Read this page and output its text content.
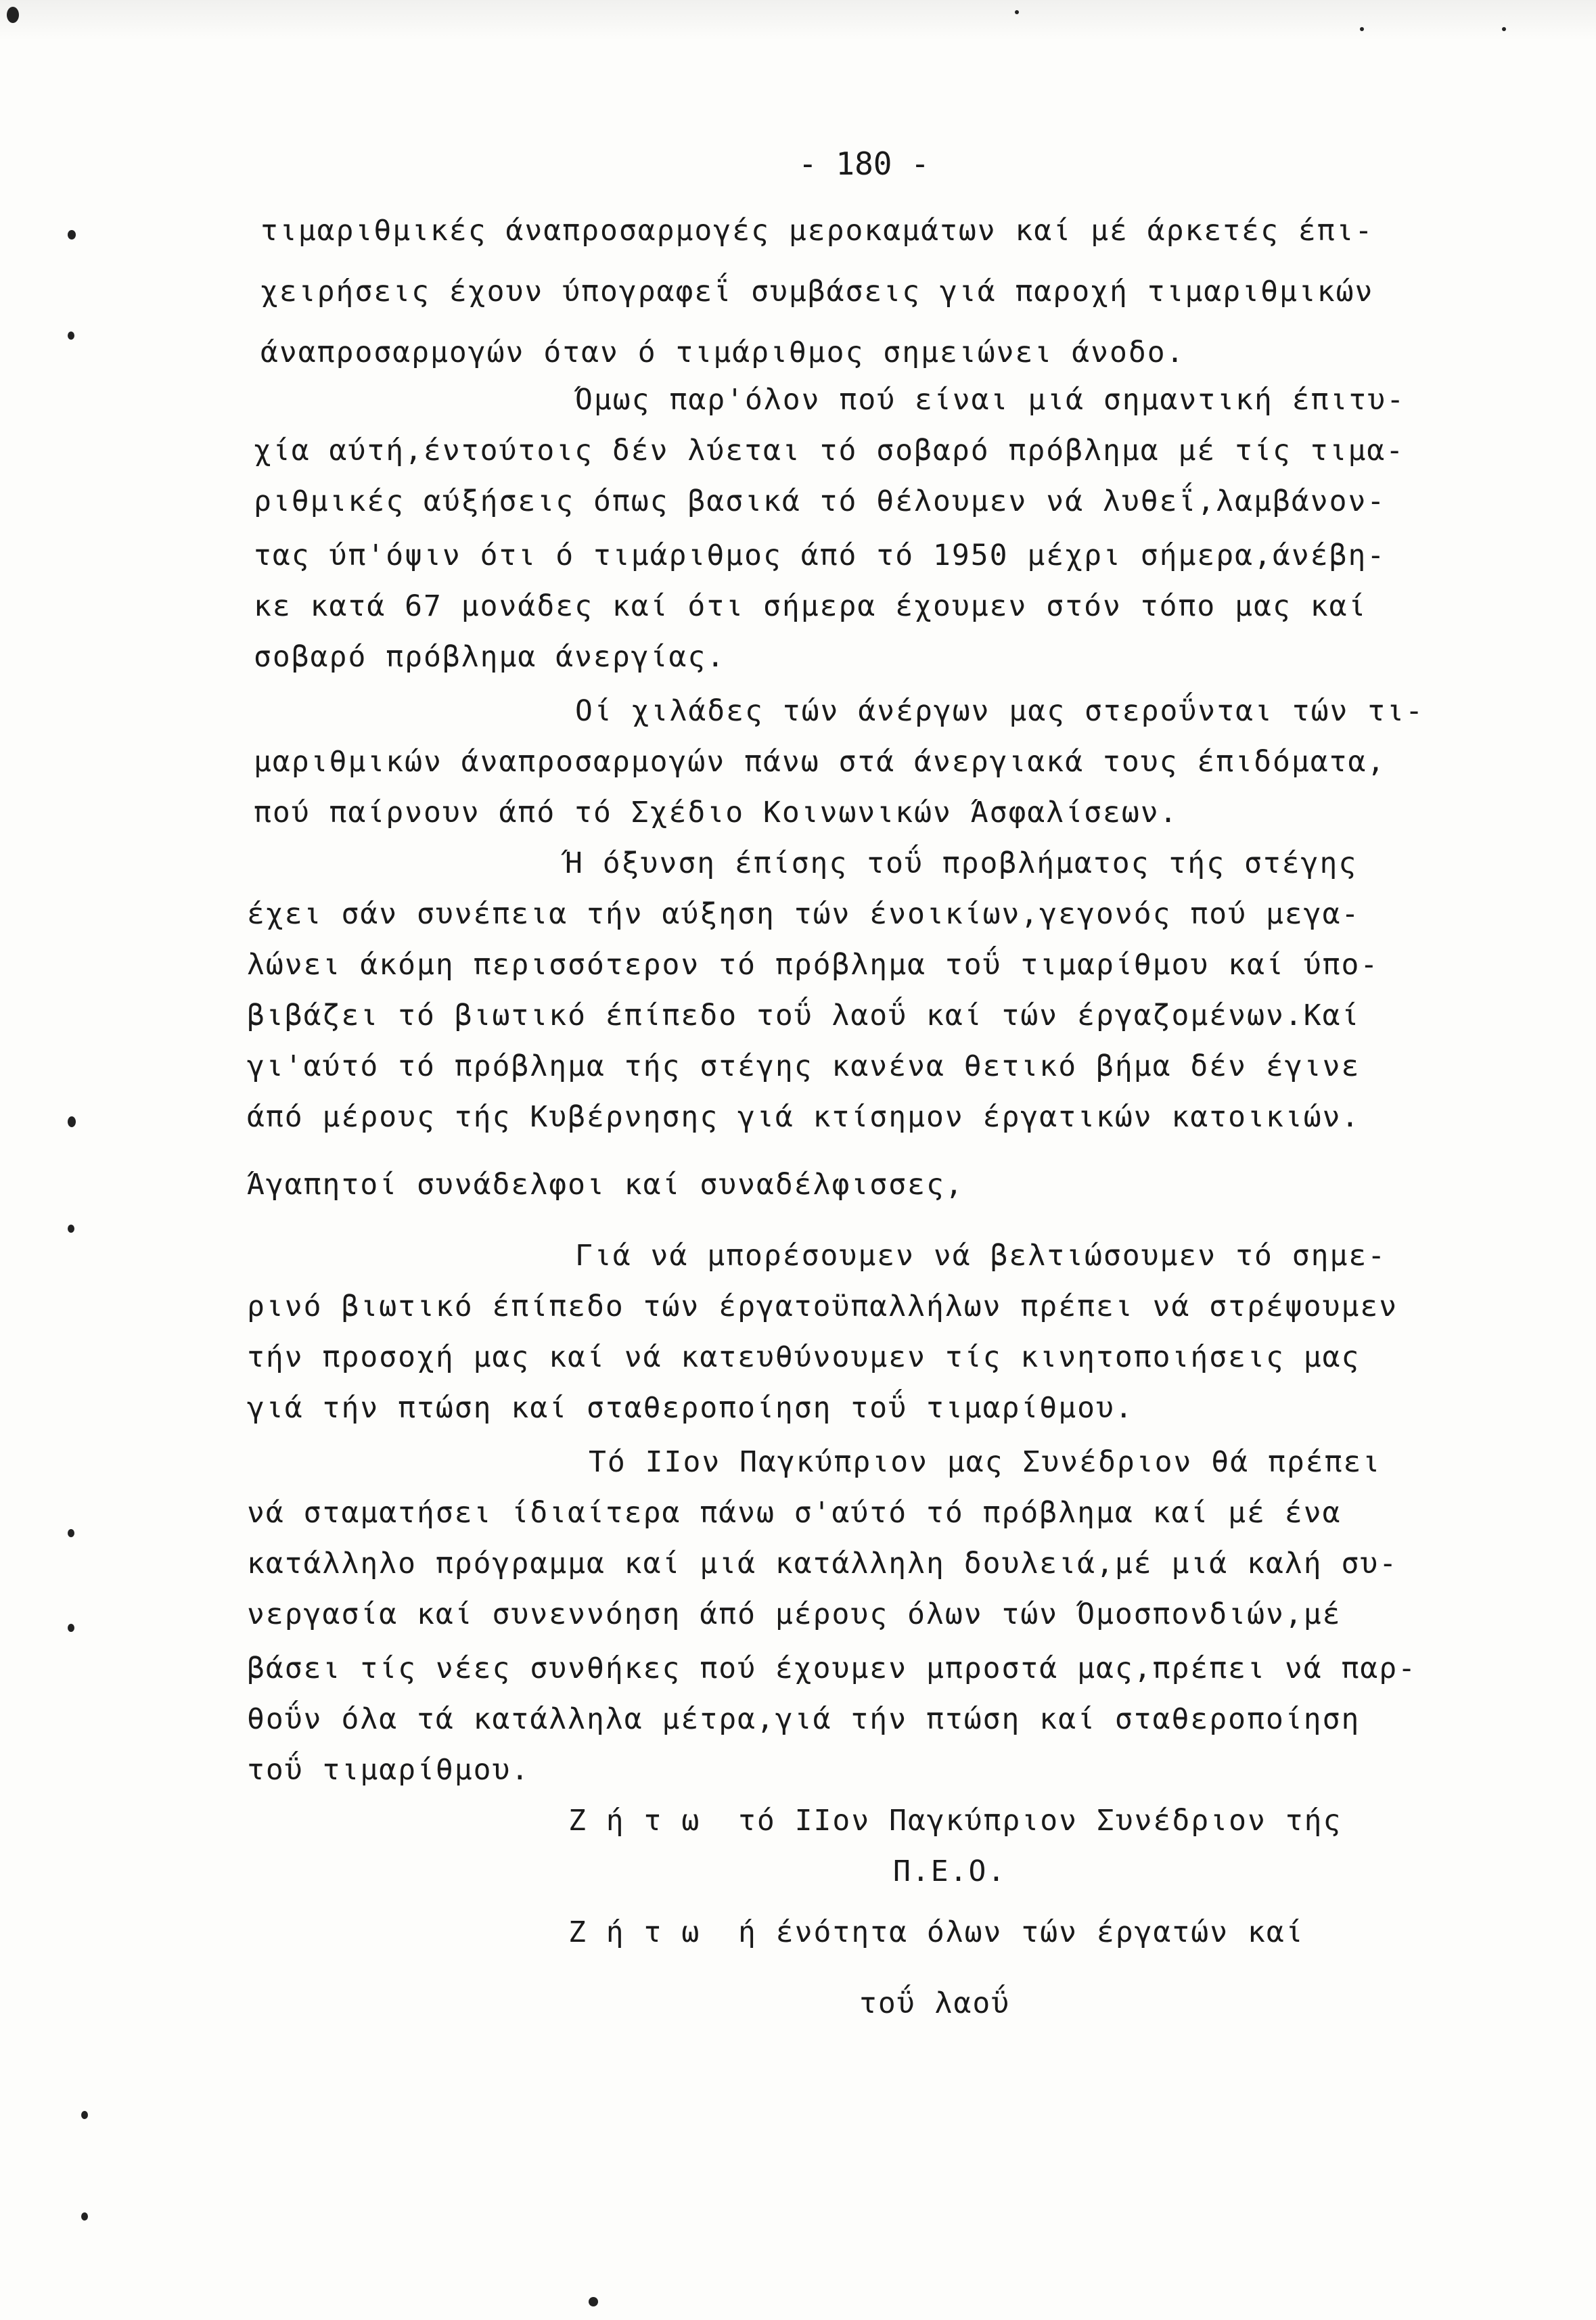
- 180 -
τιμαριθμικές άναπροσαρμογές μεροκαμάτων καί μέ άρκετές έπι-
χειρήσεις έχουν ύπογραφεΐ συμβάσεις γιά παροχή τιμαριθμικών
άναπροσαρμογών όταν ό τιμάριθμος σημειώνει άνοδο.
Όμως παρ'όλον πού είναι μιά σημαντική έπιτυ-
χία αύτή,έντούτοις δέν λύεται τό σοβαρό πρόβλημα μέ τίς τιμα-
ριθμικές αύξήσεις όπως βασικά τό θέλουμεν νά λυθεΐ,λαμβάνον-
τας ύπ'όψιν ότι ό τιμάριθμος άπό τό 1950 μέχρι σήμερα,άνέβη-
κε κατά 67 μονάδες καί ότι σήμερα έχουμεν στόν τόπο μας καί
σοβαρό πρόβλημα άνεργίας.
Οί χιλάδες τών άνέργων μας στεροΰνται τών τι-
μαριθμικών άναπροσαρμογών πάνω στά άνεργιακά τους έπιδόματα,
πού παίρνουν άπό τό Σχέδιο Κοινωνικών Άσφαλίσεων.
Ή όξυνση έπίσης τοΰ προβλήματος τής στέγης
έχει σάν συνέπεια τήν αύξηση τών ένοικίων,γεγονός πού μεγα-
λώνει άκόμη περισσότερον τό πρόβλημα τοΰ τιμαρίθμου καί ύπο-
βιβάζει τό βιωτικό έπίπεδο τοΰ λαοΰ καί τών έργαζομένων.Καί
γι'αύτό τό πρόβλημα τής στέγης κανένα θετικό βήμα δέν έγινε
άπό μέρους τής Κυβέρνησης γιά κτίσημον έργατικών κατοικιών.
Άγαπητοί συνάδελφοι καί συναδέλφισσες,
Γιά νά μπορέσουμεν νά βελτιώσουμεν τό σημε-
ρινό βιωτικό έπίπεδο τών έργατοϋπαλλήλων πρέπει νά στρέψουμεν
τήν προσοχή μας καί νά κατευθύνουμεν τίς κινητοποιήσεις μας
γιά τήν πτώση καί σταθεροποίηση τοΰ τιμαρίθμου.
Τό ΙΙον Παγκύπριον μας Συνέδριον θά πρέπει
νά σταματήσει ίδιαίτερα πάνω σ'αύτό τό πρόβλημα καί μέ ένα
κατάλληλο πρόγραμμα καί μιά κατάλληλη δουλειά,μέ μιά καλή συ-
νεργασία καί συνεννόηση άπό μέρους όλων τών Όμοσπονδιών,μέ
βάσει τίς νέες συνθήκες πού έχουμεν μπροστά μας,πρέπει νά παρ-
θοΰν όλα τά κατάλληλα μέτρα,γιά τήν πτώση καί σταθεροποίηση
τοΰ τιμαρίθμου.
Ζ ή τ ω  τό ΙΙον Παγκύπριον Συνέδριον τής
Π.Ε.Ο.
Ζ ή τ ω  ή ένότητα όλων τών έργατών καί
τοΰ λαοΰ
